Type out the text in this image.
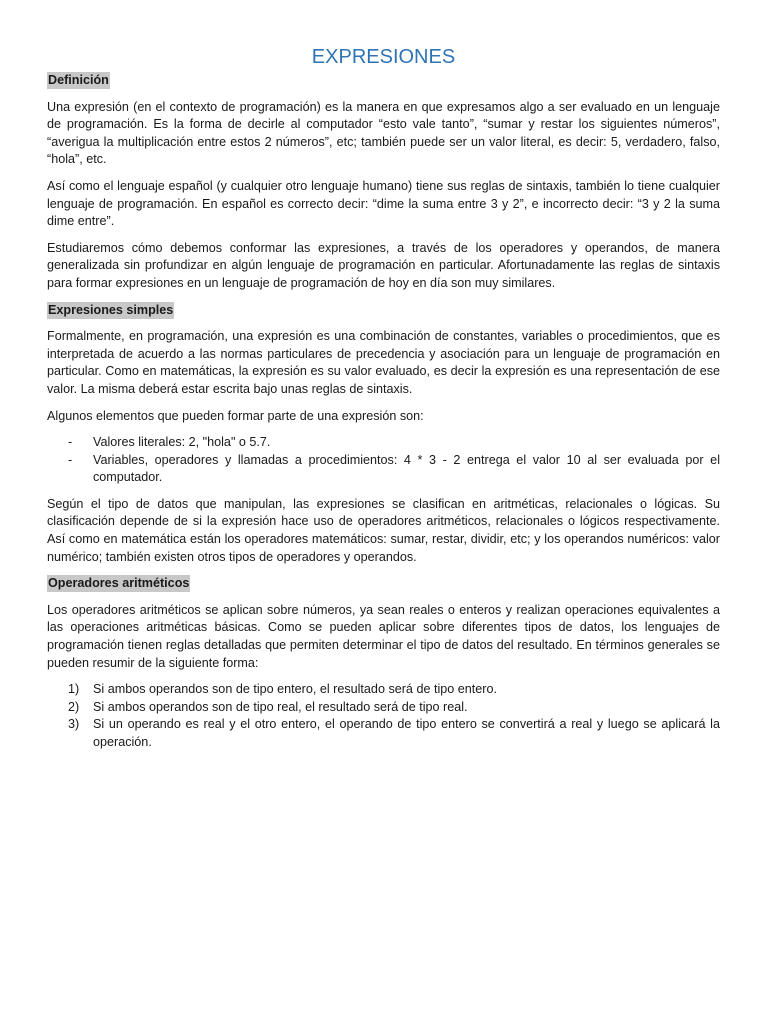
EXPRESIONES
Definición

Una expresión (en el contexto de programación) es la manera en que expresamos algo a ser evaluado en un lenguaje de programación. Es la forma de decirle al computador “esto vale tanto”, “sumar y restar los siguientes números”, “averigua la multiplicación entre estos 2 números”, etc; también puede ser un valor literal, es decir: 5, verdadero, falso, “hola”, etc.

Así como el lenguaje español (y cualquier otro lenguaje humano) tiene sus reglas de sintaxis, también lo tiene cualquier lenguaje de programación. En español es correcto decir: “dime la suma entre 3 y 2”, e incorrecto decir: “3 y 2 la suma dime entre”.

Estudiaremos cómo debemos conformar las expresiones, a través de los operadores y operandos, de manera generalizada sin profundizar en algún lenguaje de programación en particular. Afortunadamente las reglas de sintaxis para formar expresiones en un lenguaje de programación de hoy en día son muy similares.

Expresiones simples

Formalmente, en programación, una expresión es una combinación de constantes, variables o procedimientos, que es interpretada de acuerdo a las normas particulares de precedencia y asociación para un lenguaje de programación en particular. Como en matemáticas, la expresión es su valor evaluado, es decir la expresión es una representación de ese valor. La misma deberá estar escrita bajo unas reglas de sintaxis.

Algunos elementos que pueden formar parte de una expresión son:

- Valores literales: 2, "hola" o 5.7.
- Variables, operadores y llamadas a procedimientos: 4 * 3 - 2 entrega el valor 10 al ser evaluada por el computador.

Según el tipo de datos que manipulan, las expresiones se clasifican en aritméticas, relacionales o lógicas. Su clasificación depende de si la expresión hace uso de operadores aritméticos, relacionales o lógicos respectivamente. Así como en matemática están los operadores matemáticos: sumar, restar, dividir, etc; y los operandos numéricos: valor numérico; también existen otros tipos de operadores y operandos.

Operadores aritméticos

Los operadores aritméticos se aplican sobre números, ya sean reales o enteros y realizan operaciones equivalentes a las operaciones aritméticas básicas. Como se pueden aplicar sobre diferentes tipos de datos, los lenguajes de programación tienen reglas detalladas que permiten determinar el tipo de datos del resultado. En términos generales se pueden resumir de la siguiente forma:

1) Si ambos operandos son de tipo entero, el resultado será de tipo entero.
2) Si ambos operandos son de tipo real, el resultado será de tipo real.
3) Si un operando es real y el otro entero, el operando de tipo entero se convertirá a real y luego se aplicará la operación.
